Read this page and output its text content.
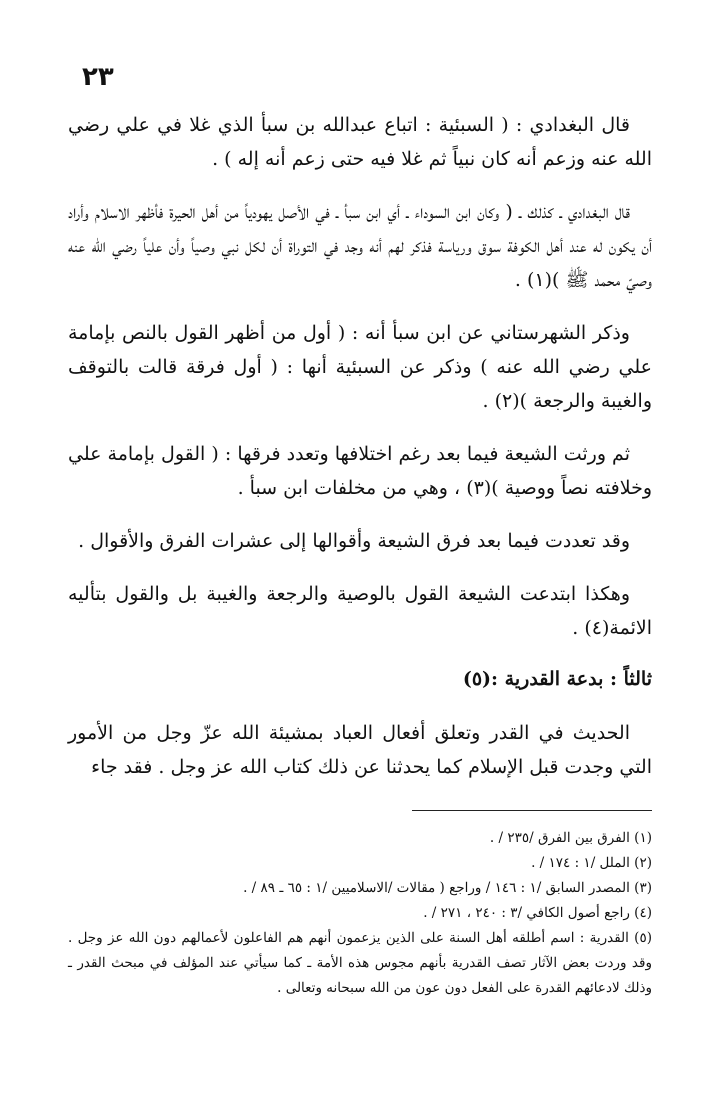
٢٣

قال البغدادي : ( السبئية : اتباع عبدالله بن سبأ الذي غلا في علي رضي الله عنه وزعم أنه كان نبياً ثم غلا فيه حتى زعم أنه إله ) .

قال البغدادي ـ كذلك ـ ( وكان ابن السوداء ـ أي ابن سبأ ـ في الأصل يهودياً من أهل الحيرة فأظهر الاسلام وأراد أن يكون له عند أهل الكوفة سوق ورياسة فذكر لهم أنه وجد في التوراة أن لكل نبي وصياً وأن علياً رضي الله عنه وصيّ محمد ﷺ )(١) .

وذكر الشهرستاني عن ابن سبأ أنه : ( أول من أظهر القول بالنص بإمامة علي رضي الله عنه ) وذكر عن السبئية أنها : ( أول فرقة قالت بالتوقف والغيبة والرجعة )(٢) .

ثم ورثت الشيعة فيما بعد رغم اختلافها وتعدد فرقها : ( القول بإمامة علي وخلافته نصاً ووصية )(٣) ، وهي من مخلفات ابن سبأ .

وقد تعددت فيما بعد فرق الشيعة وأقوالها إلى عشرات الفرق والأقوال .

وهكذا ابتدعت الشيعة القول بالوصية والرجعة والغيبة بل والقول بتأليه الائمة(٤) .

ثالثاً : بدعة القدرية :(٥)

الحديث في القدر وتعلق أفعال العباد بمشيئة الله عزّ وجل من الأمور التي وجدت قبل الإسلام كما يحدثنا عن ذلك كتاب الله عز وجل . فقد جاء

(١) الفرق بين الفرق /٢٣٥ / .

(٢) الملل /١ : ١٧٤ / .

(٣) المصدر السابق /١ : ١٤٦ / وراجع ( مقالات /الاسلاميين /١ : ٦٥ ـ ٨٩ / .

(٤) راجع أصول الكافي /٣ : ٢٤٠ ، ٢٧١ / .

(٥) القدرية : اسم أطلقه أهل السنة على الذين يزعمون أنهم هم الفاعلون لأعمالهم دون الله عز وجل . وقد وردت بعض الآثار تصف القدرية بأنهم مجوس هذه الأمة ـ كما سيأتي عند المؤلف في مبحث القدر ـ وذلك لادعائهم القدرة على الفعل دون عون من الله سبحانه وتعالى .
